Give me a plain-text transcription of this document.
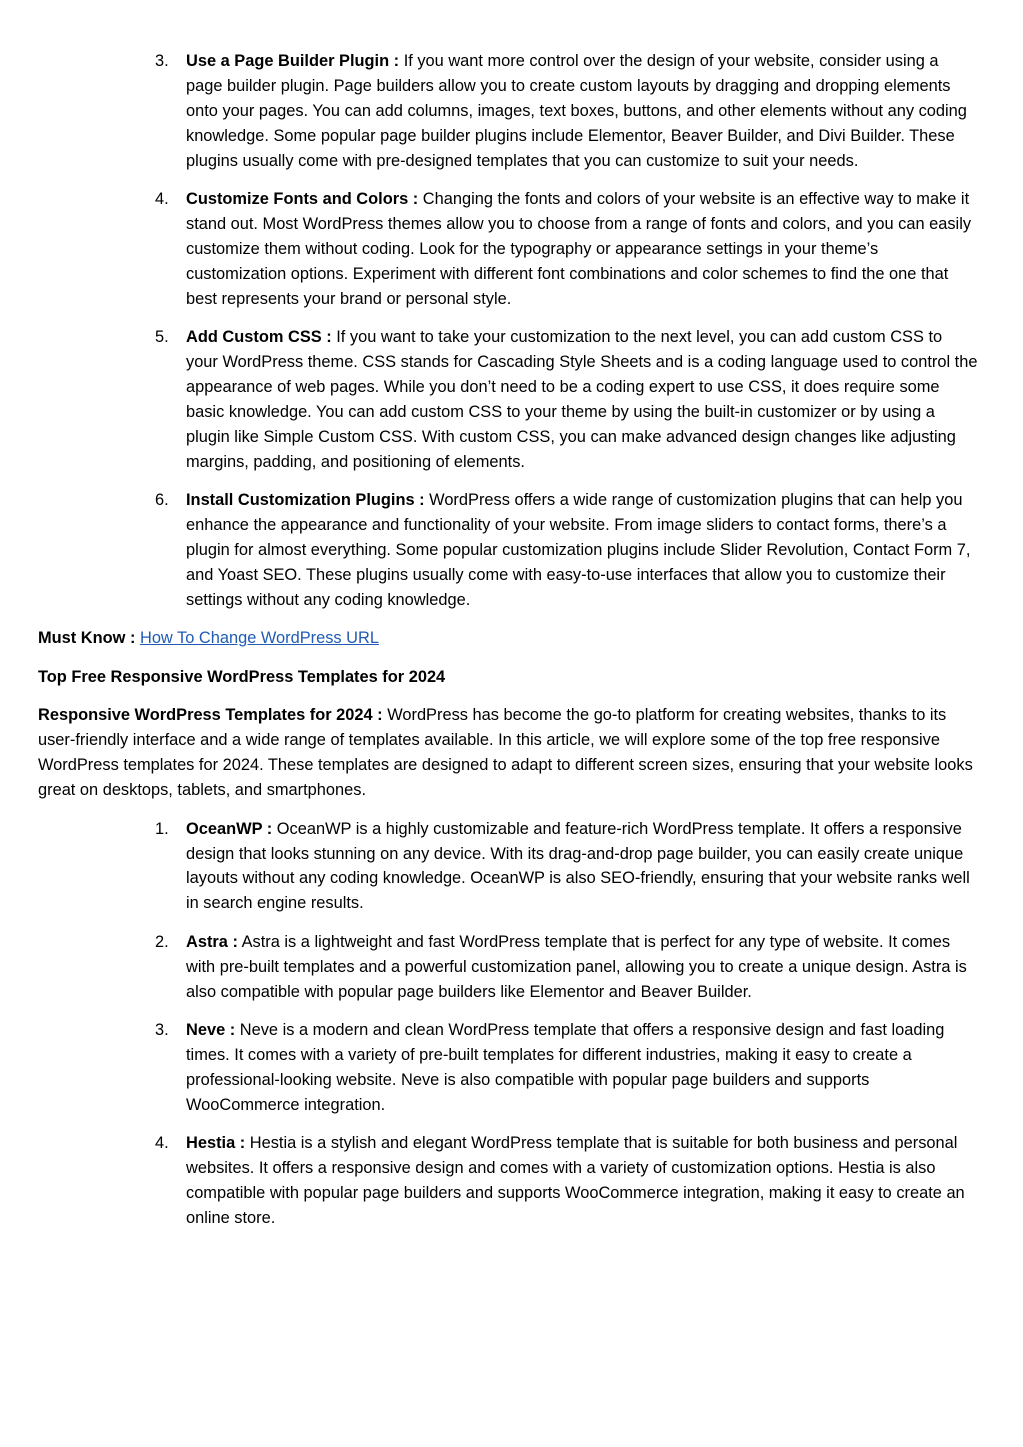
3.	Use a Page Builder Plugin : If you want more control over the design of your website, consider using a page builder plugin. Page builders allow you to create custom layouts by dragging and dropping elements onto your pages. You can add columns, images, text boxes, buttons, and other elements without any coding knowledge. Some popular page builder plugins include Elementor, Beaver Builder, and Divi Builder. These plugins usually come with pre-designed templates that you can customize to suit your needs.
4.	Customize Fonts and Colors : Changing the fonts and colors of your website is an effective way to make it stand out. Most WordPress themes allow you to choose from a range of fonts and colors, and you can easily customize them without coding. Look for the typography or appearance settings in your theme’s customization options. Experiment with different font combinations and color schemes to find the one that best represents your brand or personal style.
5.	Add Custom CSS : If you want to take your customization to the next level, you can add custom CSS to your WordPress theme. CSS stands for Cascading Style Sheets and is a coding language used to control the appearance of web pages. While you don’t need to be a coding expert to use CSS, it does require some basic knowledge. You can add custom CSS to your theme by using the built-in customizer or by using a plugin like Simple Custom CSS. With custom CSS, you can make advanced design changes like adjusting margins, padding, and positioning of elements.
6.	Install Customization Plugins : WordPress offers a wide range of customization plugins that can help you enhance the appearance and functionality of your website. From image sliders to contact forms, there’s a plugin for almost everything. Some popular customization plugins include Slider Revolution, Contact Form 7, and Yoast SEO. These plugins usually come with easy-to-use interfaces that allow you to customize their settings without any coding knowledge.

Must Know : How To Change WordPress URL

Top Free Responsive WordPress Templates for 2024

Responsive WordPress Templates for 2024 : WordPress has become the go-to platform for creating websites, thanks to its user-friendly interface and a wide range of templates available. In this article, we will explore some of the top free responsive WordPress templates for 2024. These templates are designed to adapt to different screen sizes, ensuring that your website looks great on desktops, tablets, and smartphones.

1.	OceanWP : OceanWP is a highly customizable and feature-rich WordPress template. It offers a responsive design that looks stunning on any device. With its drag-and-drop page builder, you can easily create unique layouts without any coding knowledge. OceanWP is also SEO-friendly, ensuring that your website ranks well in search engine results.
2.	Astra : Astra is a lightweight and fast WordPress template that is perfect for any type of website. It comes with pre-built templates and a powerful customization panel, allowing you to create a unique design. Astra is also compatible with popular page builders like Elementor and Beaver Builder.
3.	Neve : Neve is a modern and clean WordPress template that offers a responsive design and fast loading times. It comes with a variety of pre-built templates for different industries, making it easy to create a professional-looking website. Neve is also compatible with popular page builders and supports WooCommerce integration.
4.	Hestia : Hestia is a stylish and elegant WordPress template that is suitable for both business and personal websites. It offers a responsive design and comes with a variety of customization options. Hestia is also compatible with popular page builders and supports WooCommerce integration, making it easy to create an online store.
